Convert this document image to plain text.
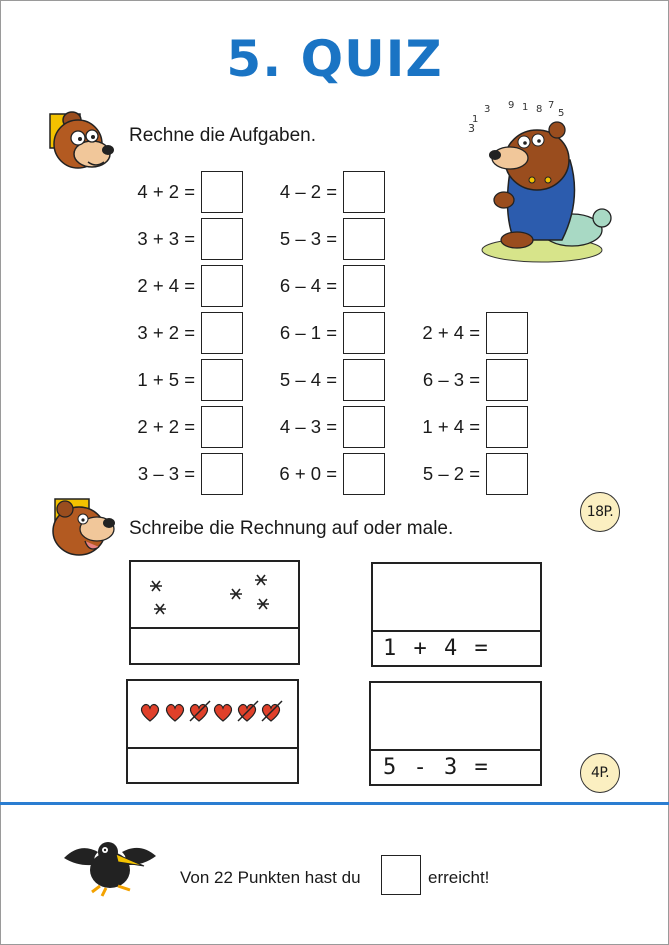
5. QUIZ
Rechne die Aufgaben.
4 + 2 =
3 + 3 =
2 + 4 =
3 + 2 =
1 + 5 =
2 + 2 =
3 – 3 =
4 – 2 =
5 – 3 =
6 – 4 =
6 – 1 =
5 – 4 =
4 – 3 =
6 + 0 =
2 + 4 =
6 – 3 =
1 + 4 =
5 – 2 =
3
1
3 9 1 8 7
5
18P.
Schreibe die Rechnung auf oder male.
1 + 4 =
5 - 3 =	4P.
Von 22 Punkten hast du	erreicht!
